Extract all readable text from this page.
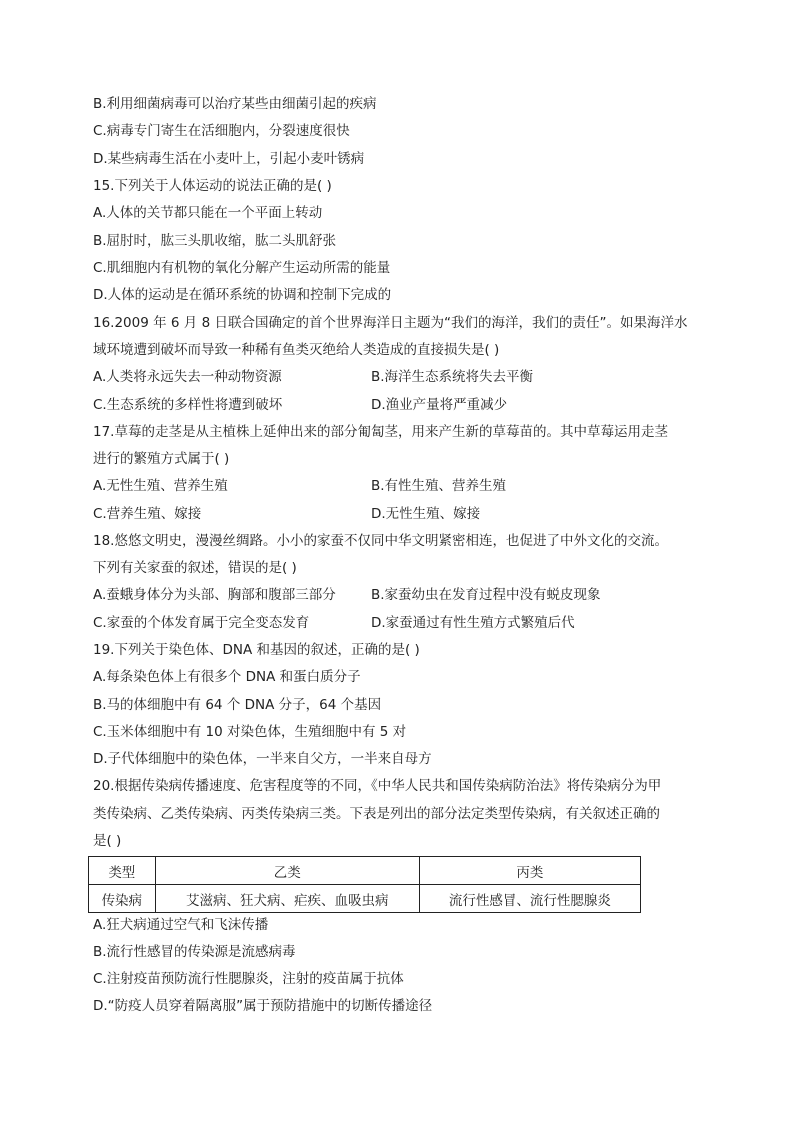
B.利用细菌病毒可以治疗某些由细菌引起的疾病
C.病毒专门寄生在活细胞内，分裂速度很快
D.某些病毒生活在小麦叶上，引起小麦叶锈病
15.下列关于人体运动的说法正确的是( )
A.人体的关节都只能在一个平面上转动
B.屈肘时，肱三头肌收缩，肱二头肌舒张
C.肌细胞内有机物的氧化分解产生运动所需的能量
D.人体的运动是在循环系统的协调和控制下完成的
16.2009 年 6 月 8 日联合国确定的首个世界海洋日主题为“我们的海洋，我们的责任”。如果海洋水
域环境遭到破坏而导致一种稀有鱼类灭绝给人类造成的直接损失是( )
A.人类将永远失去一种动物资源	B.海洋生态系统将失去平衡
C.生态系统的多样性将遭到破坏	D.渔业产量将严重减少
17.草莓的走茎是从主植株上延伸出来的部分匍匐茎，用来产生新的草莓苗的。其中草莓运用走茎
进行的繁殖方式属于( )
A.无性生殖、营养生殖	B.有性生殖、营养生殖
C.营养生殖、嫁接	D.无性生殖、嫁接
18.悠悠文明史，漫漫丝绸路。小小的家蚕不仅同中华文明紧密相连，也促进了中外文化的交流。
下列有关家蚕的叙述，错误的是( )
A.蚕蛾身体分为头部、胸部和腹部三部分	B.家蚕幼虫在发育过程中没有蜕皮现象
C.家蚕的个体发育属于完全变态发育	D.家蚕通过有性生殖方式繁殖后代
19.下列关于染色体、DNA 和基因的叙述，正确的是( )
A.每条染色体上有很多个 DNA 和蛋白质分子
B.马的体细胞中有 64 个 DNA 分子，64 个基因
C.玉米体细胞中有 10 对染色体，生殖细胞中有 5 对
D.子代体细胞中的染色体，一半来自父方，一半来自母方
20.根据传染病传播速度、危害程度等的不同，《中华人民共和国传染病防治法》将传染病分为甲
类传染病、乙类传染病、丙类传染病三类。下表是列出的部分法定类型传染病，有关叙述正确的
是( )
类型	乙类	丙类
传染病	艾滋病、狂犬病、疟疾、血吸虫病	流行性感冒、流行性腮腺炎
A.狂犬病通过空气和飞沫传播
B.流行性感冒的传染源是流感病毒
C.注射疫苗预防流行性腮腺炎，注射的疫苗属于抗体
D.“防疫人员穿着隔离服”属于预防措施中的切断传播途径
